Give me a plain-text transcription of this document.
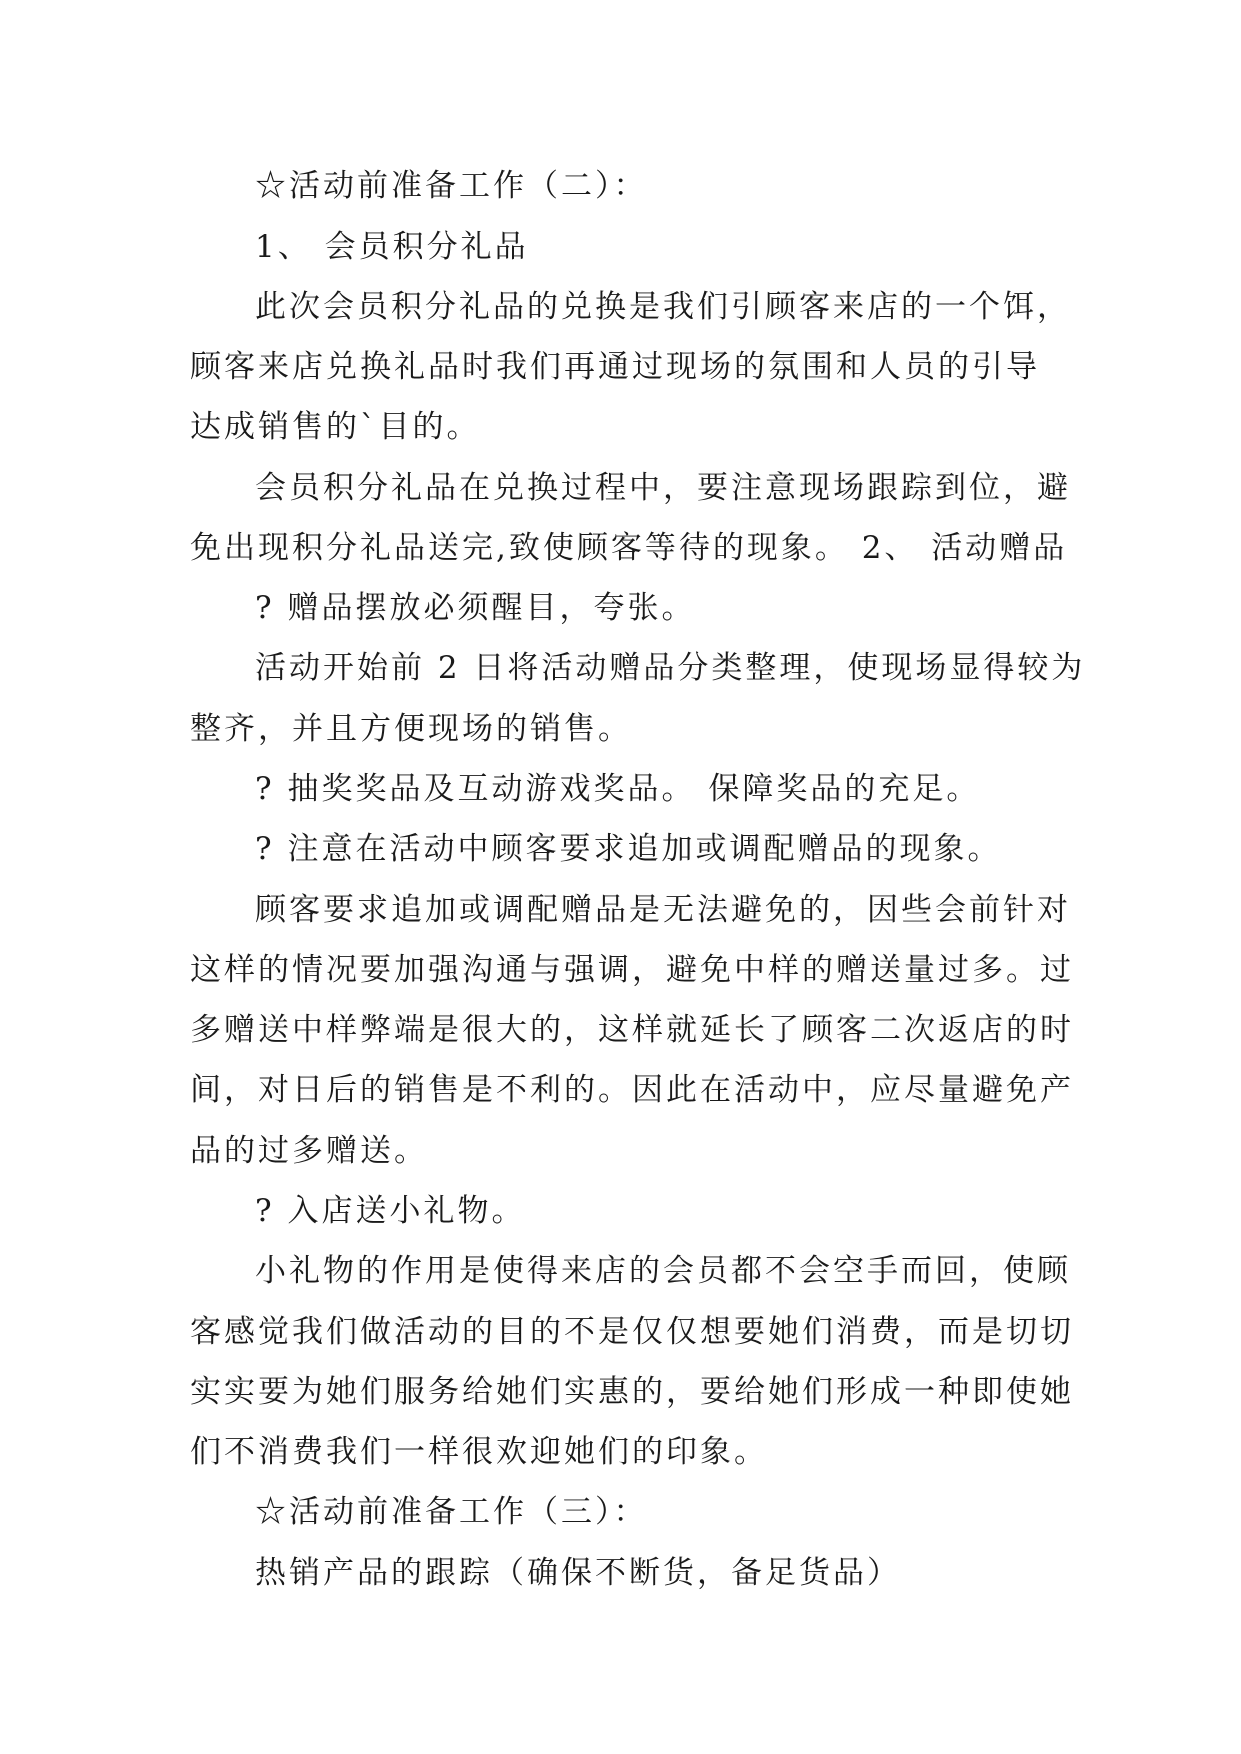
☆活动前准备工作（二）：
1、 会员积分礼品
此次会员积分礼品的兑换是我们引顾客来店的一个饵，
顾客来店兑换礼品时我们再通过现场的氛围和人员的引导
达成销售的`目的。
会员积分礼品在兑换过程中，要注意现场跟踪到位，避
免出现积分礼品送完,致使顾客等待的现象。 2、 活动赠品
? 赠品摆放必须醒目，夸张。
活动开始前 2 日将活动赠品分类整理，使现场显得较为
整齐，并且方便现场的销售。
? 抽奖奖品及互动游戏奖品。 保障奖品的充足。
? 注意在活动中顾客要求追加或调配赠品的现象。
顾客要求追加或调配赠品是无法避免的，因些会前针对
这样的情况要加强沟通与强调，避免中样的赠送量过多。过
多赠送中样弊端是很大的，这样就延长了顾客二次返店的时
间，对日后的销售是不利的。因此在活动中，应尽量避免产
品的过多赠送。
? 入店送小礼物。
小礼物的作用是使得来店的会员都不会空手而回，使顾
客感觉我们做活动的目的不是仅仅想要她们消费，而是切切
实实要为她们服务给她们实惠的，要给她们形成一种即使她
们不消费我们一样很欢迎她们的印象。
☆活动前准备工作（三）：
热销产品的跟踪（确保不断货，备足货品）
